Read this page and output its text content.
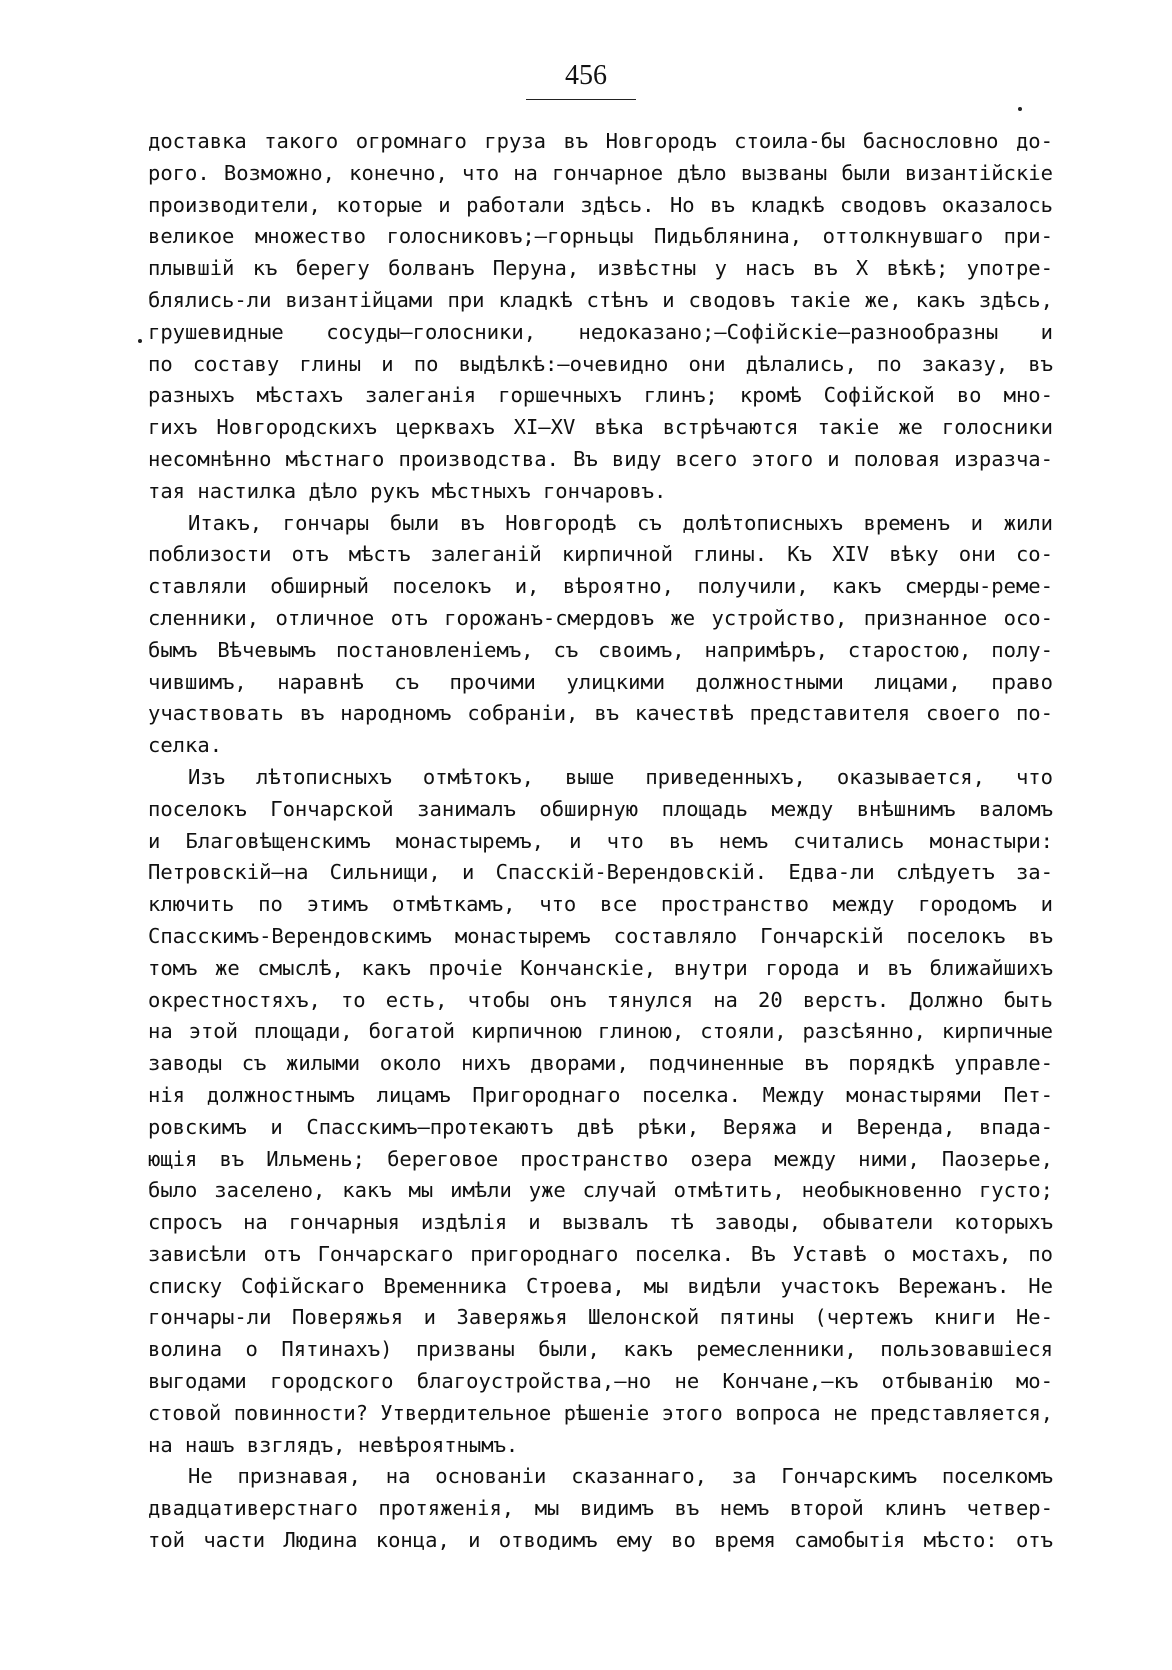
456
доставка такого огромнаго груза въ Новгородъ стоила-бы баснословно до-
рого. Возможно, конечно, что на гончарное дѣло вызваны были византiйскiе
производители, которые и работали здѣсь. Но въ кладкѣ сводовъ оказалось
великое множество голосниковъ;—горньцы Пидьблянина, оттолкнувшаго при-
плывшiй къ берегу болванъ Перуна, извѣстны у насъ въ X вѣкѣ; употре-
блялись-ли византiйцами при кладкѣ стѣнъ и сводовъ такiе же, какъ здѣсь,
грушевидные сосуды—голосники, недоказано;—Софiйскiе—разнообразны и
по составу глины и по выдѣлкѣ:—очевидно они дѣлались, по заказу, въ
разныхъ мѣстахъ залеганiя горшечныхъ глинъ; кромѣ Софiйской во мно-
гихъ Новгородскихъ церквахъ XI—XV вѣка встрѣчаются такiе же голосники
несомнѣнно мѣстнаго производства. Въ виду всего этого и половая изразча-
тая настилка дѣло рукъ мѣстныхъ гончаровъ.
Итакъ, гончары были въ Новгородѣ съ долѣтописныхъ временъ и жили
поблизости отъ мѣстъ залеганiй кирпичной глины. Къ XIV вѣку они со-
ставляли обширный поселокъ и, вѣроятно, получили, какъ смерды-реме-
сленники, отличное отъ горожанъ-смердовъ же устройство, признанное осо-
бымъ Вѣчевымъ постановленiемъ, съ своимъ, напримѣръ, старостою, полу-
чившимъ, наравнѣ съ прочими улицкими должностными лицами, право
участвовать въ народномъ собранiи, въ качествѣ представителя своего по-
селка.
Изъ лѣтописныхъ отмѣтокъ, выше приведенныхъ, оказывается, что
поселокъ Гончарской занималъ обширную площадь между внѣшнимъ валомъ
и Благовѣщенскимъ монастыремъ, и что въ немъ считались монастыри:
Петровскiй—на Сильнищи, и Спасскiй-Верендовскiй. Едва-ли слѣдуетъ за-
ключить по этимъ отмѣткамъ, что все пространство между городомъ и
Спасскимъ-Верендовскимъ монастыремъ составляло Гончарскiй поселокъ въ
томъ же смыслѣ, какъ прочiе Кончанскiе, внутри города и въ ближайшихъ
окрестностяхъ, то есть, чтобы онъ тянулся на 20 верстъ. Должно быть
на этой площади, богатой кирпичною глиною, стояли, разсѣянно, кирпичные
заводы съ жилыми около нихъ дворами, подчиненные въ порядкѣ управле-
нiя должностнымъ лицамъ Пригороднаго поселка. Между монастырями Пет-
ровскимъ и Спасскимъ—протекаютъ двѣ рѣки, Веряжа и Веренда, впада-
ющiя въ Ильмень; береговое пространство озера между ними, Паозерье,
было заселено, какъ мы имѣли уже случай отмѣтить, необыкновенно густо;
спросъ на гончарныя издѣлiя и вызвалъ тѣ заводы, обыватели которыхъ
зависѣли отъ Гончарскаго пригороднаго поселка. Въ Уставѣ о мостахъ, по
списку Софiйскаго Временника Строева, мы видѣли участокъ Вережанъ. Не
гончары-ли Поверяжья и Заверяжья Шелонской пятины (чертежъ книги Не-
волина о Пятинахъ) призваны были, какъ ремесленники, пользовавшiеся
выгодами городского благоустройства,—но не Кончане,—къ отбыванiю мо-
стовой повинности? Утвердительное рѣшенiе этого вопроса не представляется,
на нашъ взглядъ, невѣроятнымъ.
Не признавая, на основанiи сказаннаго, за Гончарскимъ поселкомъ
двадцативерстнаго протяженiя, мы видимъ въ немъ второй клинъ четвер-
той части Людина конца, и отводимъ ему во время самобытiя мѣсто: отъ
